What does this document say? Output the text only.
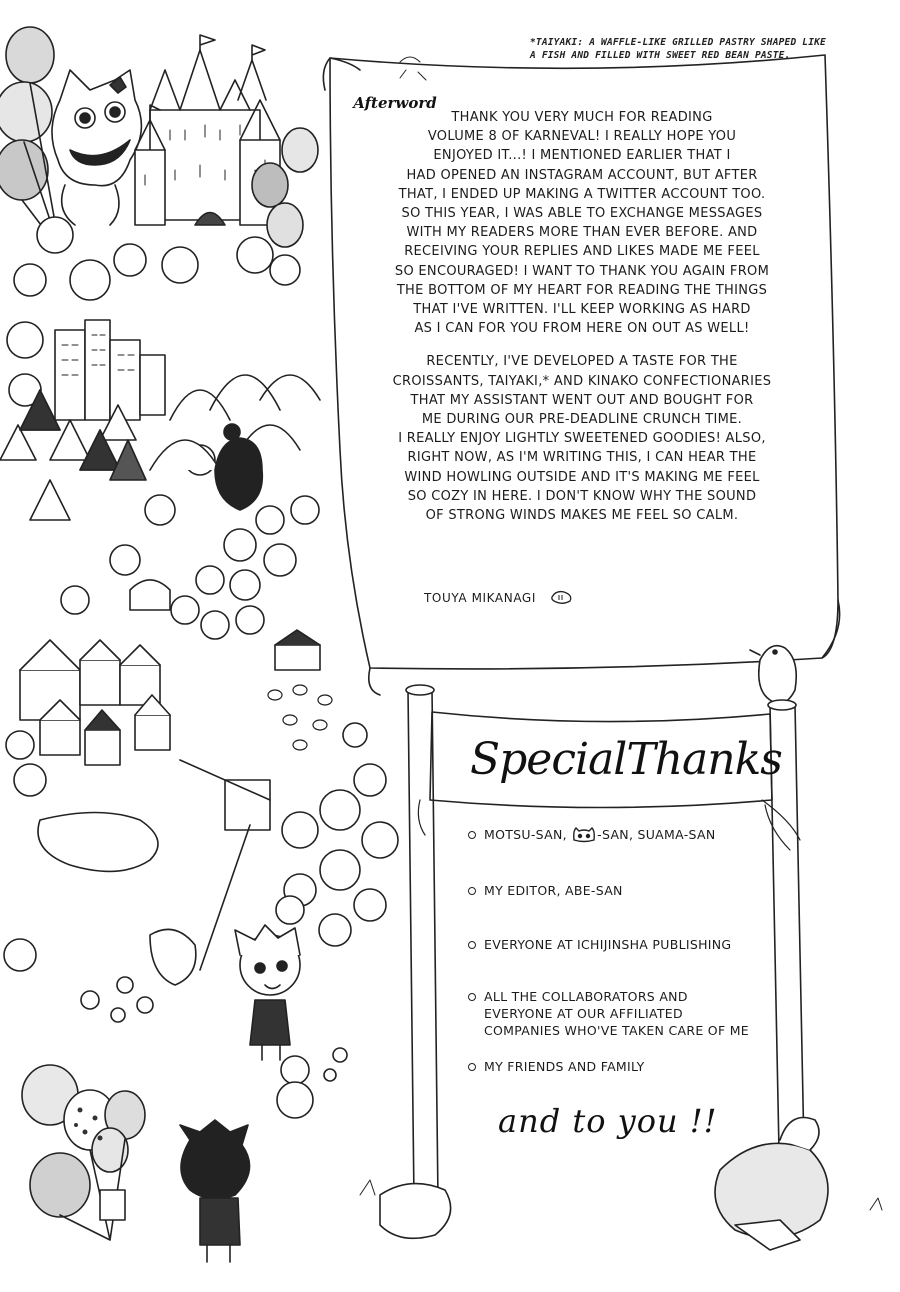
*TAIYAKI: A WAFFLE-LIKE GRILLED PASTRY SHAPED LIKE
A FISH AND FILLED WITH SWEET RED BEAN PASTE.
Afterword

THANK YOU VERY MUCH FOR READING
VOLUME 8 OF KARNEVAL! I REALLY HOPE YOU
ENJOYED IT...! I MENTIONED EARLIER THAT I
HAD OPENED AN INSTAGRAM ACCOUNT, BUT AFTER
THAT, I ENDED UP MAKING A TWITTER ACCOUNT TOO.
SO THIS YEAR, I WAS ABLE TO EXCHANGE MESSAGES
WITH MY READERS MORE THAN EVER BEFORE. AND
RECEIVING YOUR REPLIES AND LIKES MADE ME FEEL
SO ENCOURAGED! I WANT TO THANK YOU AGAIN FROM
THE BOTTOM OF MY HEART FOR READING THE THINGS
THAT I'VE WRITTEN. I'LL KEEP WORKING AS HARD
AS I CAN FOR YOU FROM HERE ON OUT AS WELL!

RECENTLY, I'VE DEVELOPED A TASTE FOR THE
CROISSANTS, TAIYAKI,* AND KINAKO CONFECTIONARIES
THAT MY ASSISTANT WENT OUT AND BOUGHT FOR
ME DURING OUR PRE-DEADLINE CRUNCH TIME.
I REALLY ENJOY LIGHTLY SWEETENED GOODIES! ALSO,
RIGHT NOW, AS I'M WRITING THIS, I CAN HEAR THE
WIND HOWLING OUTSIDE AND IT'S MAKING ME FEEL
SO COZY IN HERE. I DON'T KNOW WHY THE SOUND
OF STRONG WINDS MAKES ME FEEL SO CALM.

TOUYA MIKANAGI
SpecialThanks
MOTSU-SAN, -SAN, SUAMA-SAN
MY EDITOR, ABE-SAN
EVERYONE AT ICHIJINSHA PUBLISHING
ALL THE COLLABORATORS AND
EVERYONE AT OUR AFFILIATED
COMPANIES WHO'VE TAKEN CARE OF ME
MY FRIENDS AND FAMILY
and to you !!
